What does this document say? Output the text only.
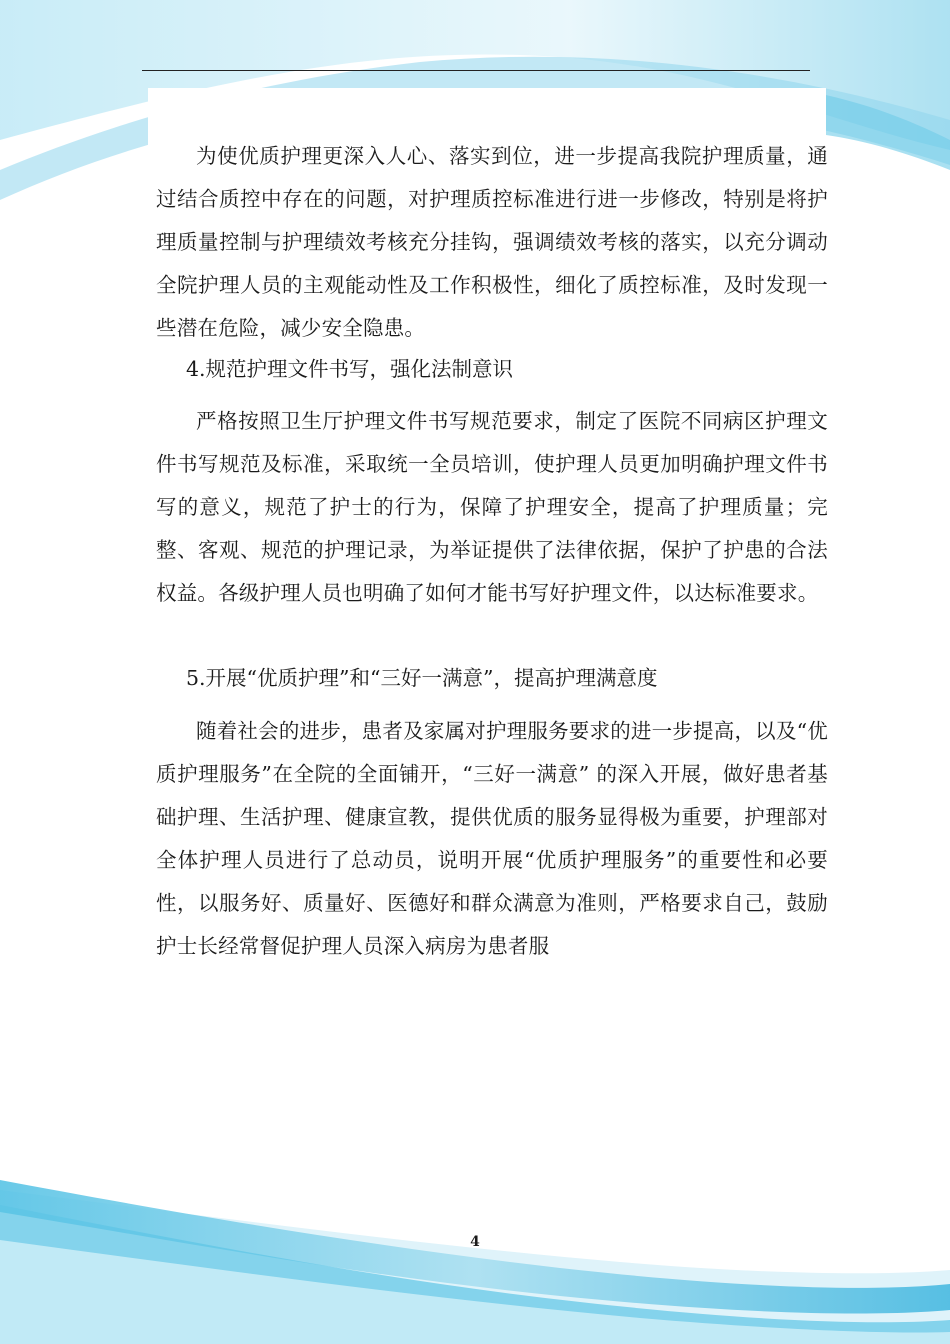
为使优质护理更深入人心、落实到位，进一步提高我院护理质量，通过结合质控中存在的问题，对护理质控标准进行进一步修改，特别是将护理质量控制与护理绩效考核充分挂钩，强调绩效考核的落实，以充分调动全院护理人员的主观能动性及工作积极性，细化了质控标准，及时发现一些潜在危险，减少安全隐患。

4.规范护理文件书写，强化法制意识

严格按照卫生厅护理文件书写规范要求，制定了医院不同病区护理文件书写规范及标准，采取统一全员培训，使护理人员更加明确护理文件书写的意义，规范了护士的行为，保障了护理安全，提高了护理质量；完整、客观、规范的护理记录，为举证提供了法律依据，保护了护患的合法权益。各级护理人员也明确了如何才能书写好护理文件，以达标准要求。

5.开展“优质护理”和“三好一满意”，提高护理满意度

随着社会的进步，患者及家属对护理服务要求的进一步提高，以及“优质护理服务”在全院的全面铺开，“三好一满意” 的深入开展，做好患者基础护理、生活护理、健康宣教，提供优质的服务显得极为重要，护理部对全体护理人员进行了总动员，说明开展“优质护理服务”的重要性和必要性，以服务好、质量好、医德好和群众满意为准则，严格要求自己，鼓励护士长经常督促护理人员深入病房为患者服

4
